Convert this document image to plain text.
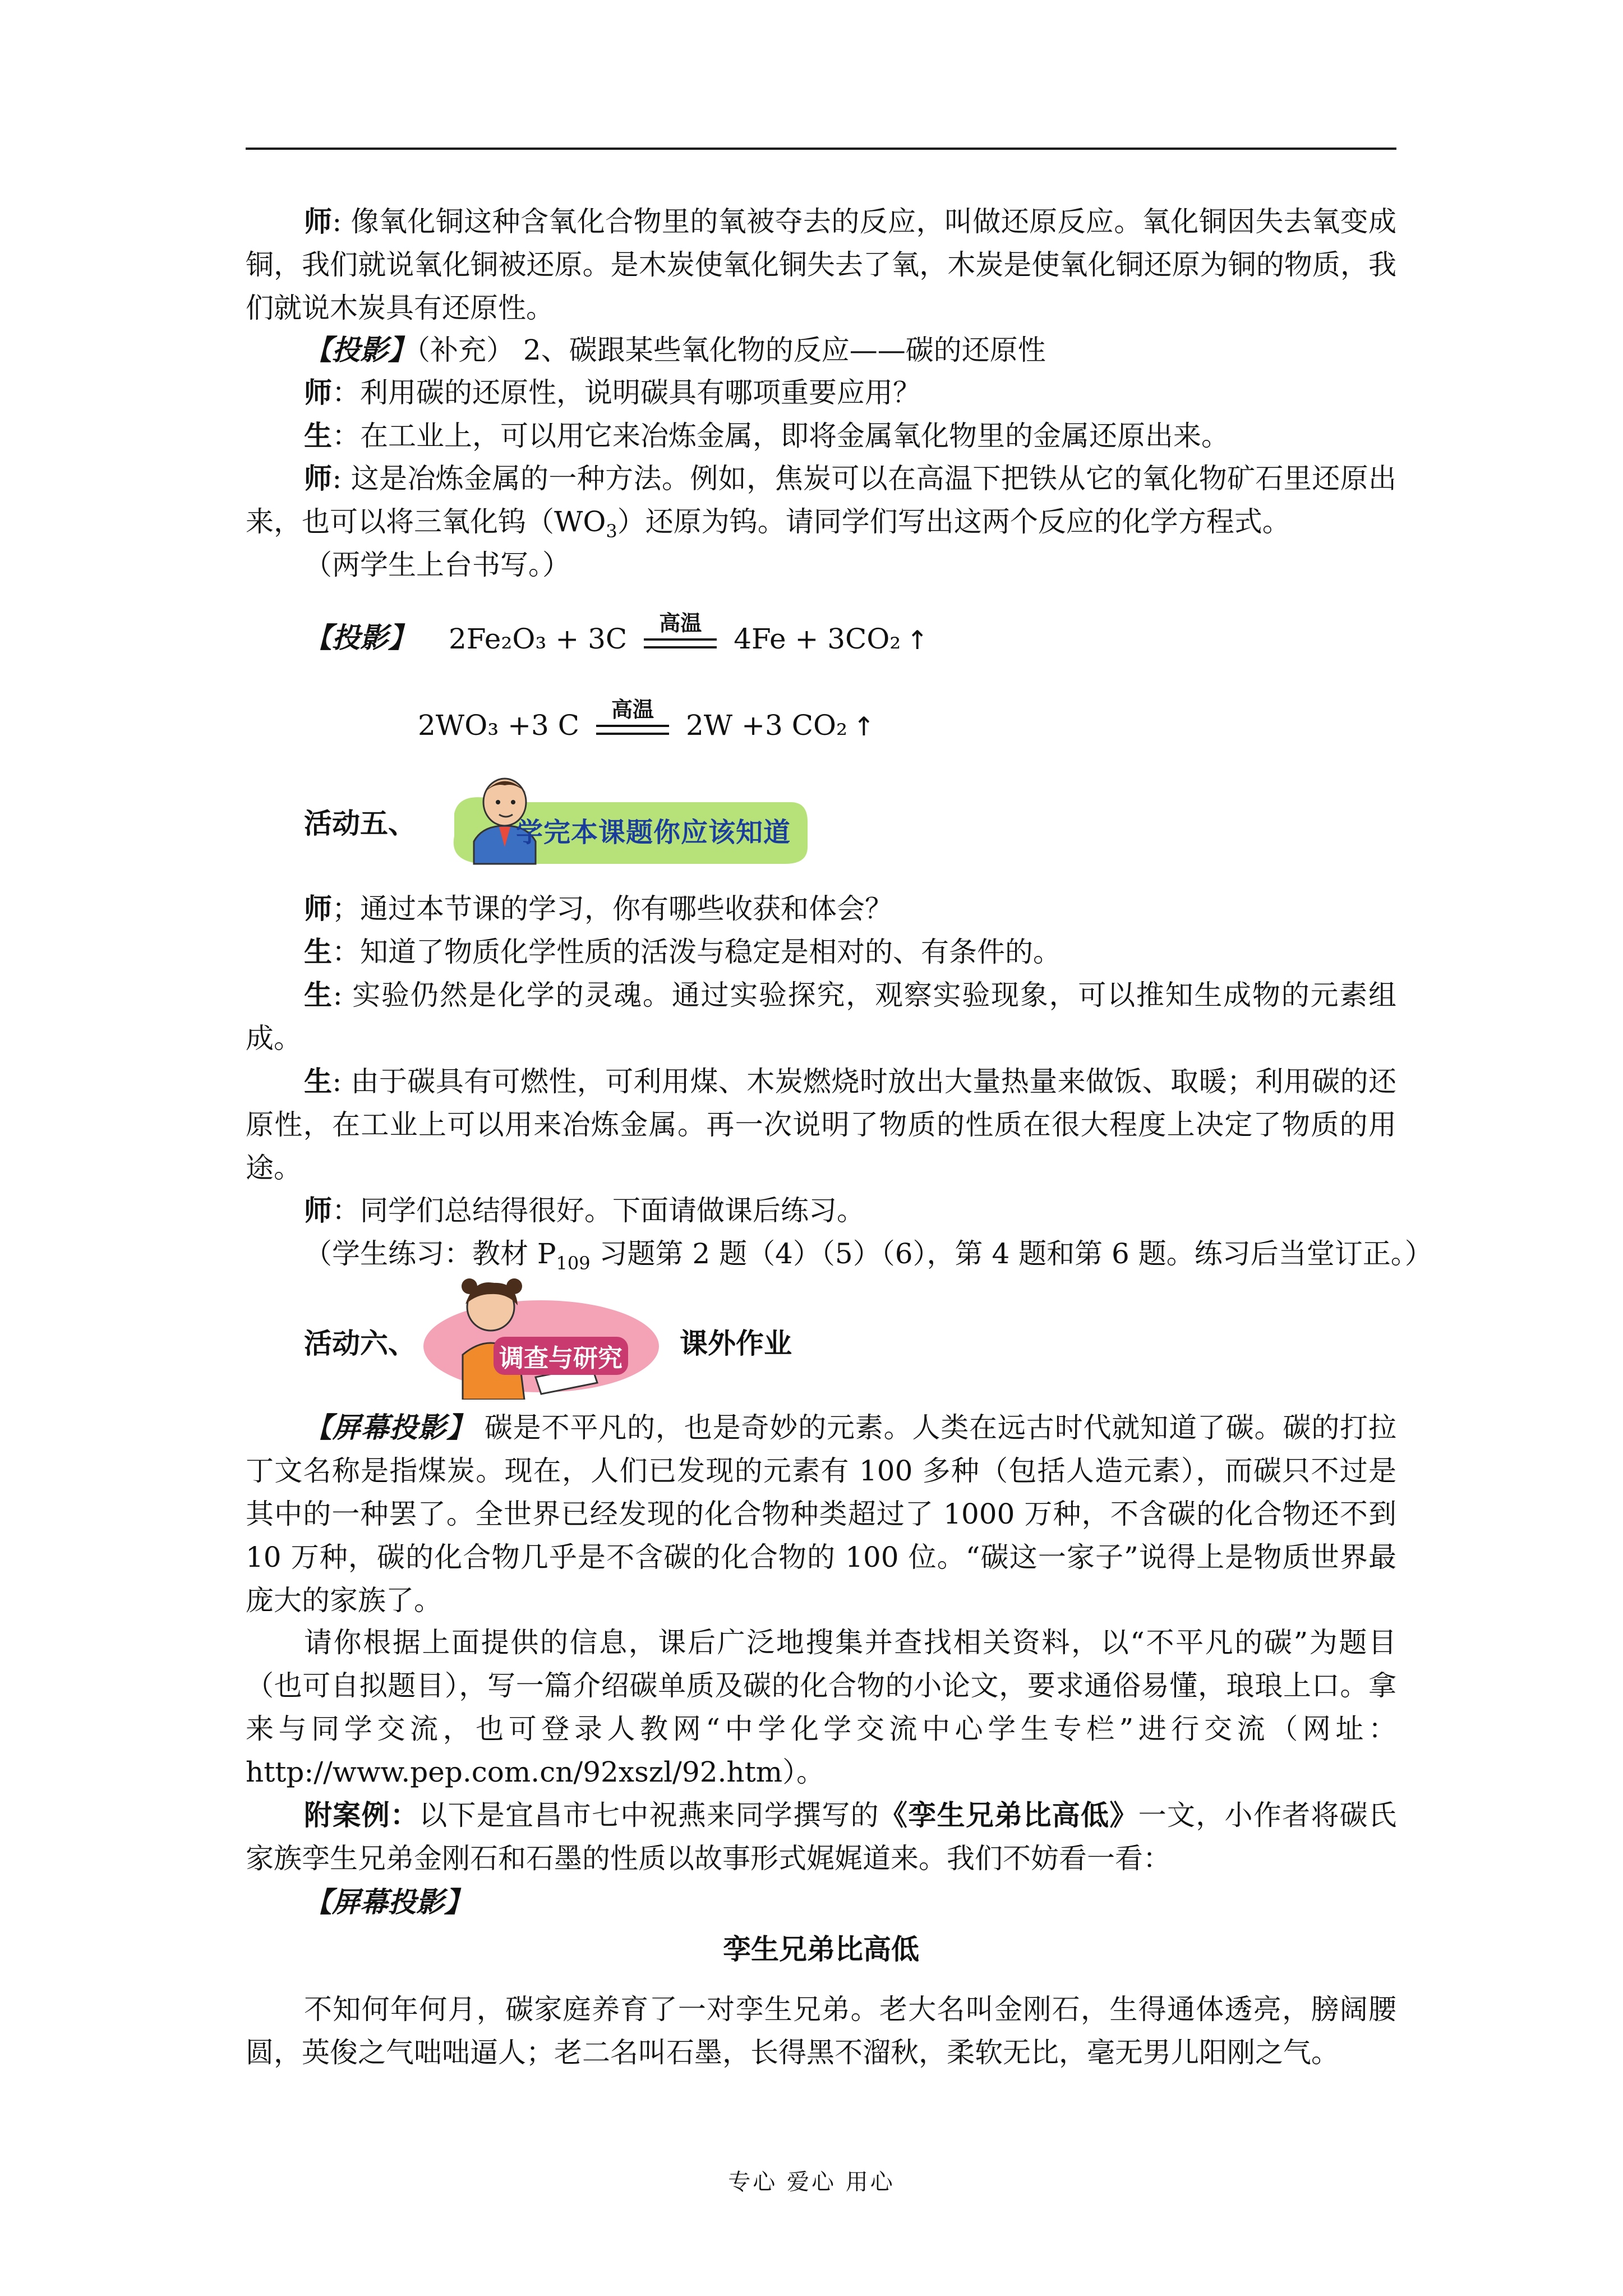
师: 像氧化铜这种含氧化合物里的氧被夺去的反应，叫做还原反应。氧化铜因失去氧变成铜，我们就说氧化铜被还原。是木炭使氧化铜失去了氧，木炭是使氧化铜还原为铜的物质，我们就说木炭具有还原性。
【投影】（补充） 2、碳跟某些氧化物的反应——碳的还原性
师：利用碳的还原性，说明碳具有哪项重要应用？
生：在工业上，可以用它来冶炼金属，即将金属氧化物里的金属还原出来。
师: 这是冶炼金属的一种方法。例如，焦炭可以在高温下把铁从它的氧化物矿石里还原出来，也可以将三氧化钨$(WO_3)$还原为钨。请同学们写出这两个反应的化学方程式。
（两学生上台书写。）
【投影】 2Fe₂O₃ + 3C	高温	4Fe + 3CO₂ ↑
2WO₃ +3 C	高温	2W +3 CO₂ ↑
活动五、	学完本课题你应该知道
师；通过本节课的学习，你有哪些收获和体会？
生：知道了物质化学性质的活泼与稳定是相对的、有条件的。
生: 实验仍然是化学的灵魂。通过实验探究，观察实验现象，可以推知生成物的元素组成。
生: 由于碳具有可燃性，可利用煤、木炭燃烧时放出大量热量来做饭、取暖；利用碳的还原性，在工业上可以用来冶炼金属。再一次说明了物质的性质在很大程度上决定了物质的用途。
师：同学们总结得很好。下面请做课后练习。
（学生练习：教材 $P_{109}$ 习题第 2 题（4）（5）（6），第 4 题和第 6 题。练习后当堂订正。）
活动六、	调查与研究 课外作业
【屏幕投影】 碳是不平凡的，也是奇妙的元素。人类在远古时代就知道了碳。碳的打拉丁文名称是指煤炭。现在，人们已发现的元素有 100 多种（包括人造元素），而碳只不过是其中的一种罢了。全世界已经发现的化合物种类超过了 1000 万种，不含碳的化合物还不到 10 万种，碳的化合物几乎是不含碳的化合物的 100 位。“碳这一家子”说得上是物质世界最庞大的家族了。
请你根据上面提供的信息，课后广泛地搜集并查找相关资料，以“不平凡的碳”为题目（也可自拟题目），写一篇介绍碳单质及碳的化合物的小论文，要求通俗易懂，琅琅上口。拿来与同学交流，也可登录人教网“中学化学交流中心学生专栏”进行交流（网址：http://www.pep.com.cn/92xszl/92.htm）。
附案例：以下是宜昌市七中祝燕来同学撰写的《孪生兄弟比高低》一文，小作者将碳氏家族孪生兄弟金刚石和石墨的性质以故事形式娓娓道来。我们不妨看一看：
【屏幕投影】
孪生兄弟比高低
不知何年何月，碳家庭养育了一对孪生兄弟。老大名叫金刚石，生得通体透亮，膀阔腰圆，英俊之气咄咄逼人；老二名叫石墨，长得黑不溜秋，柔软无比，毫无男儿阳刚之气。
专心 爱心 用心
